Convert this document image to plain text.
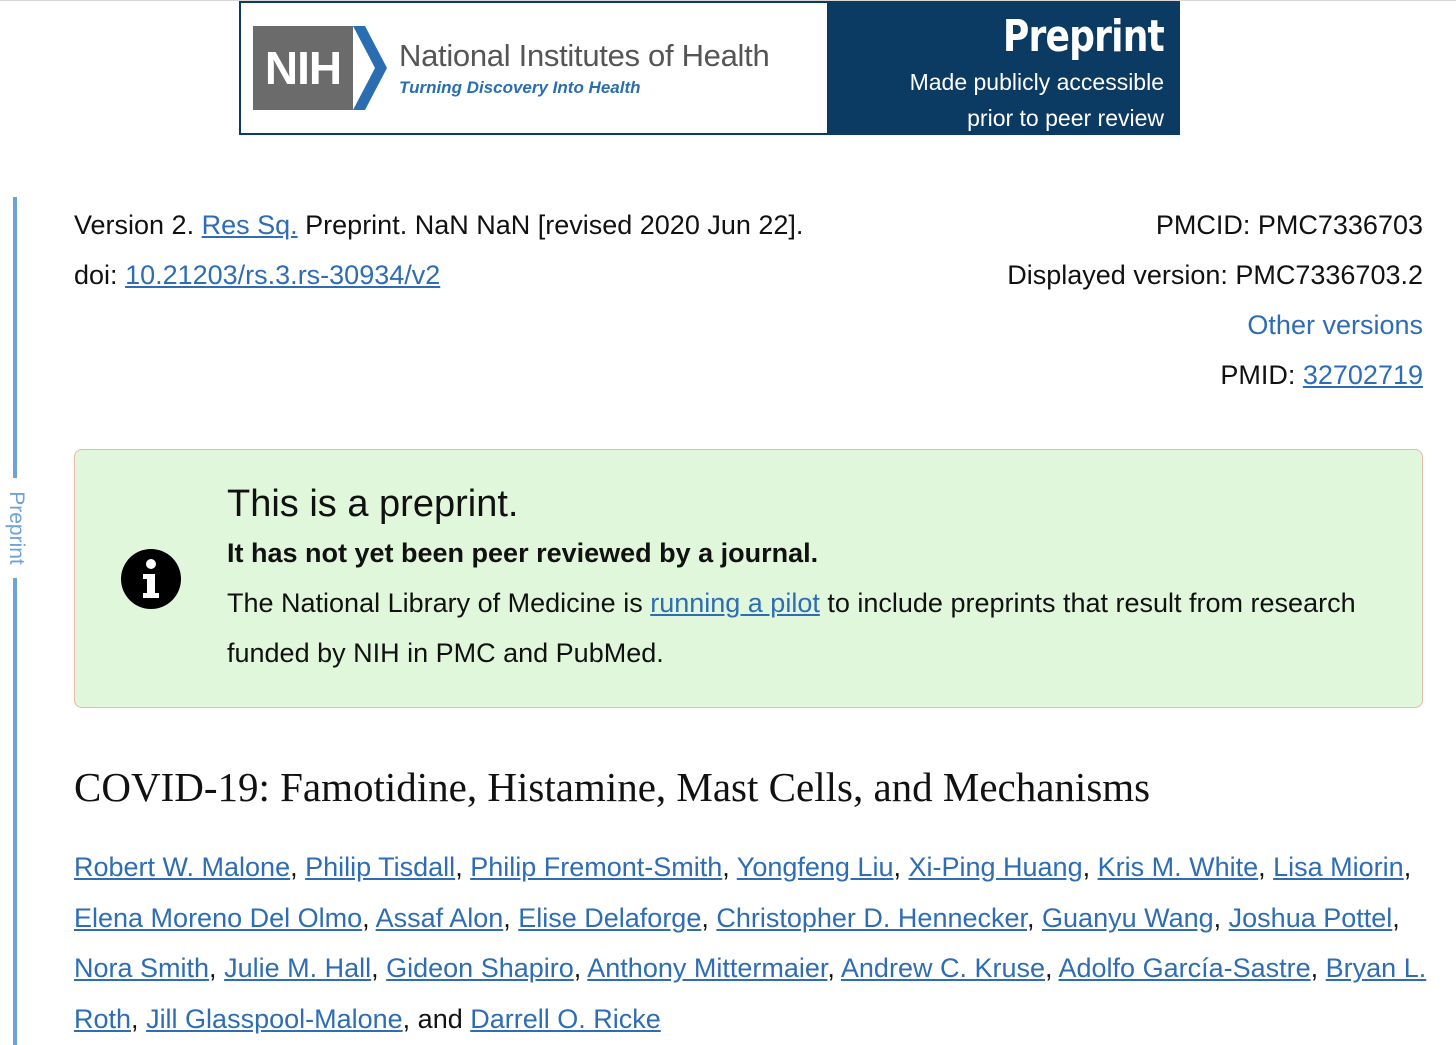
NIH	National Institutes of Health
Turning Discovery Into Health
Preprint
Made publicly accessible
prior to peer review
Preprint
Version 2. Res Sq. Preprint. NaN NaN [revised 2020 Jun 22].
doi: 10.21203/rs.3.rs-30934/v2
PMCID: PMC7336703
Displayed version: PMC7336703.2
Other versions
PMID: 32702719
This is a preprint.
It has not yet been peer reviewed by a journal.
The National Library of Medicine is running a pilot to include preprints that result from research funded by NIH in PMC and PubMed.
COVID-19: Famotidine, Histamine, Mast Cells, and Mechanisms
Robert W. Malone, Philip Tisdall, Philip Fremont-Smith, Yongfeng Liu, Xi-Ping Huang, Kris M. White, Lisa Miorin, Elena Moreno Del Olmo, Assaf Alon, Elise Delaforge, Christopher D. Hennecker, Guanyu Wang, Joshua Pottel, Nora Smith, Julie M. Hall, Gideon Shapiro, Anthony Mittermaier, Andrew C. Kruse, Adolfo García-Sastre, Bryan L. Roth, Jill Glasspool-Malone, and Darrell O. Ricke
